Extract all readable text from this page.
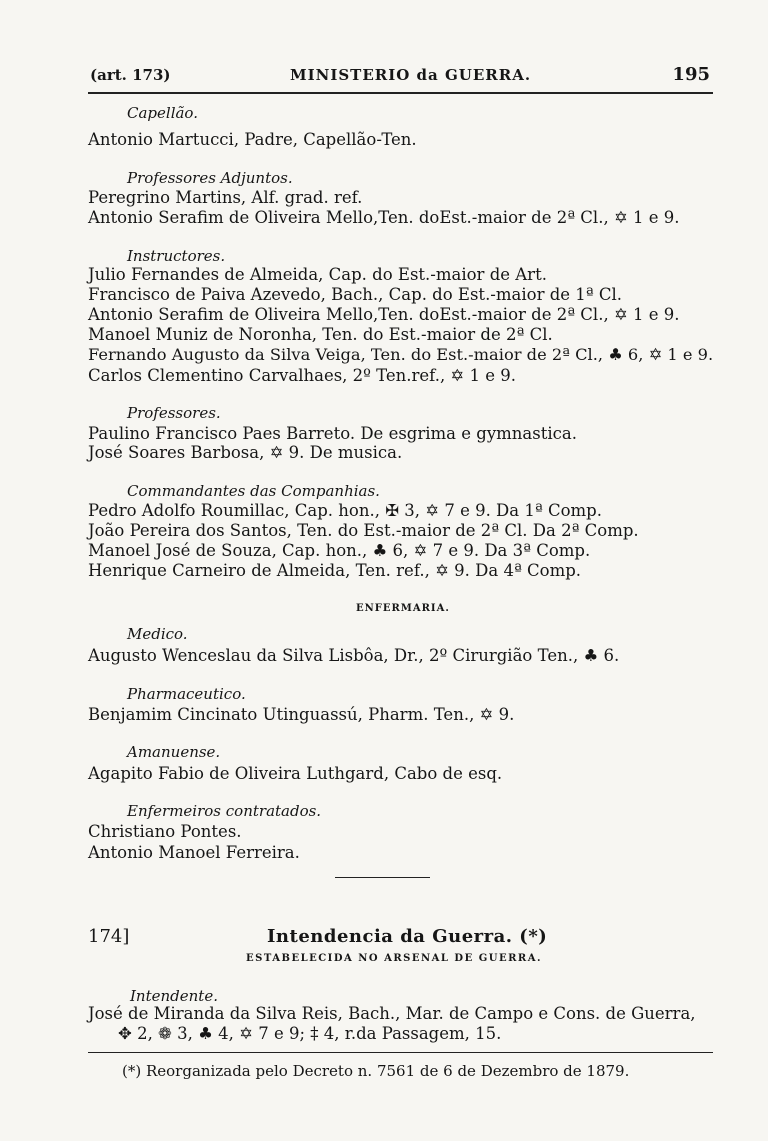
(art. 173)	MINISTERIO da GUERRA.	195
Capellão.
Antonio Martucci, Padre, Capellão-Ten.
Professores Adjuntos.
Peregrino Martins, Alf. grad. ref.
Antonio Serafim de Oliveira Mello,Ten. doEst.-maior de 2ª Cl., ✡ 1 e 9.
Instructores.
Julio Fernandes de Almeida, Cap. do Est.-maior de Art.
Francisco de Paiva Azevedo, Bach., Cap. do Est.-maior de 1ª Cl.
Antonio Serafim de Oliveira Mello,Ten. doEst.-maior de 2ª Cl., ✡ 1 e 9.
Manoel Muniz de Noronha, Ten. do Est.-maior de 2ª Cl.
Fernando Augusto da Silva Veiga, Ten. do Est.-maior de 2ª Cl., ♣ 6, ✡ 1 e 9.
Carlos Clementino Carvalhaes, 2º Ten.ref., ✡ 1 e 9.
Professores.
Paulino Francisco Paes Barreto. De esgrima e gymnastica.
José Soares Barbosa, ✡ 9. De musica.
Commandantes das Companhias.
Pedro Adolfo Roumillac, Cap. hon., ✠ 3, ✡ 7 e 9. Da 1ª Comp.
João Pereira dos Santos, Ten. do Est.-maior de 2ª Cl. Da 2ª Comp.
Manoel José de Souza, Cap. hon., ♣ 6, ✡ 7 e 9. Da 3ª Comp.
Henrique Carneiro de Almeida, Ten. ref., ✡ 9. Da 4ª Comp.
ENFERMARIA.
Medico.
Augusto Wenceslau da Silva Lisbôa, Dr., 2º Cirurgião Ten., ♣ 6.
Pharmaceutico.
Benjamim Cincinato Utinguassú, Pharm. Ten., ✡ 9.
Amanuense.
Agapito Fabio de Oliveira Luthgard, Cabo de esq.
Enfermeiros contratados.
Christiano Pontes.
Antonio Manoel Ferreira.
174]	Intendencia da Guerra. (*)
ESTABELECIDA NO ARSENAL DE GUERRA.
Intendente.
José de Miranda da Silva Reis, Bach., Mar. de Campo e Cons. de Guerra,
✥ 2, ❁ 3, ♣ 4, ✡ 7 e 9; ‡ 4, r.da Passagem, 15.
(*) Reorganizada pelo Decreto n. 7561 de 6 de Dezembro de 1879.
